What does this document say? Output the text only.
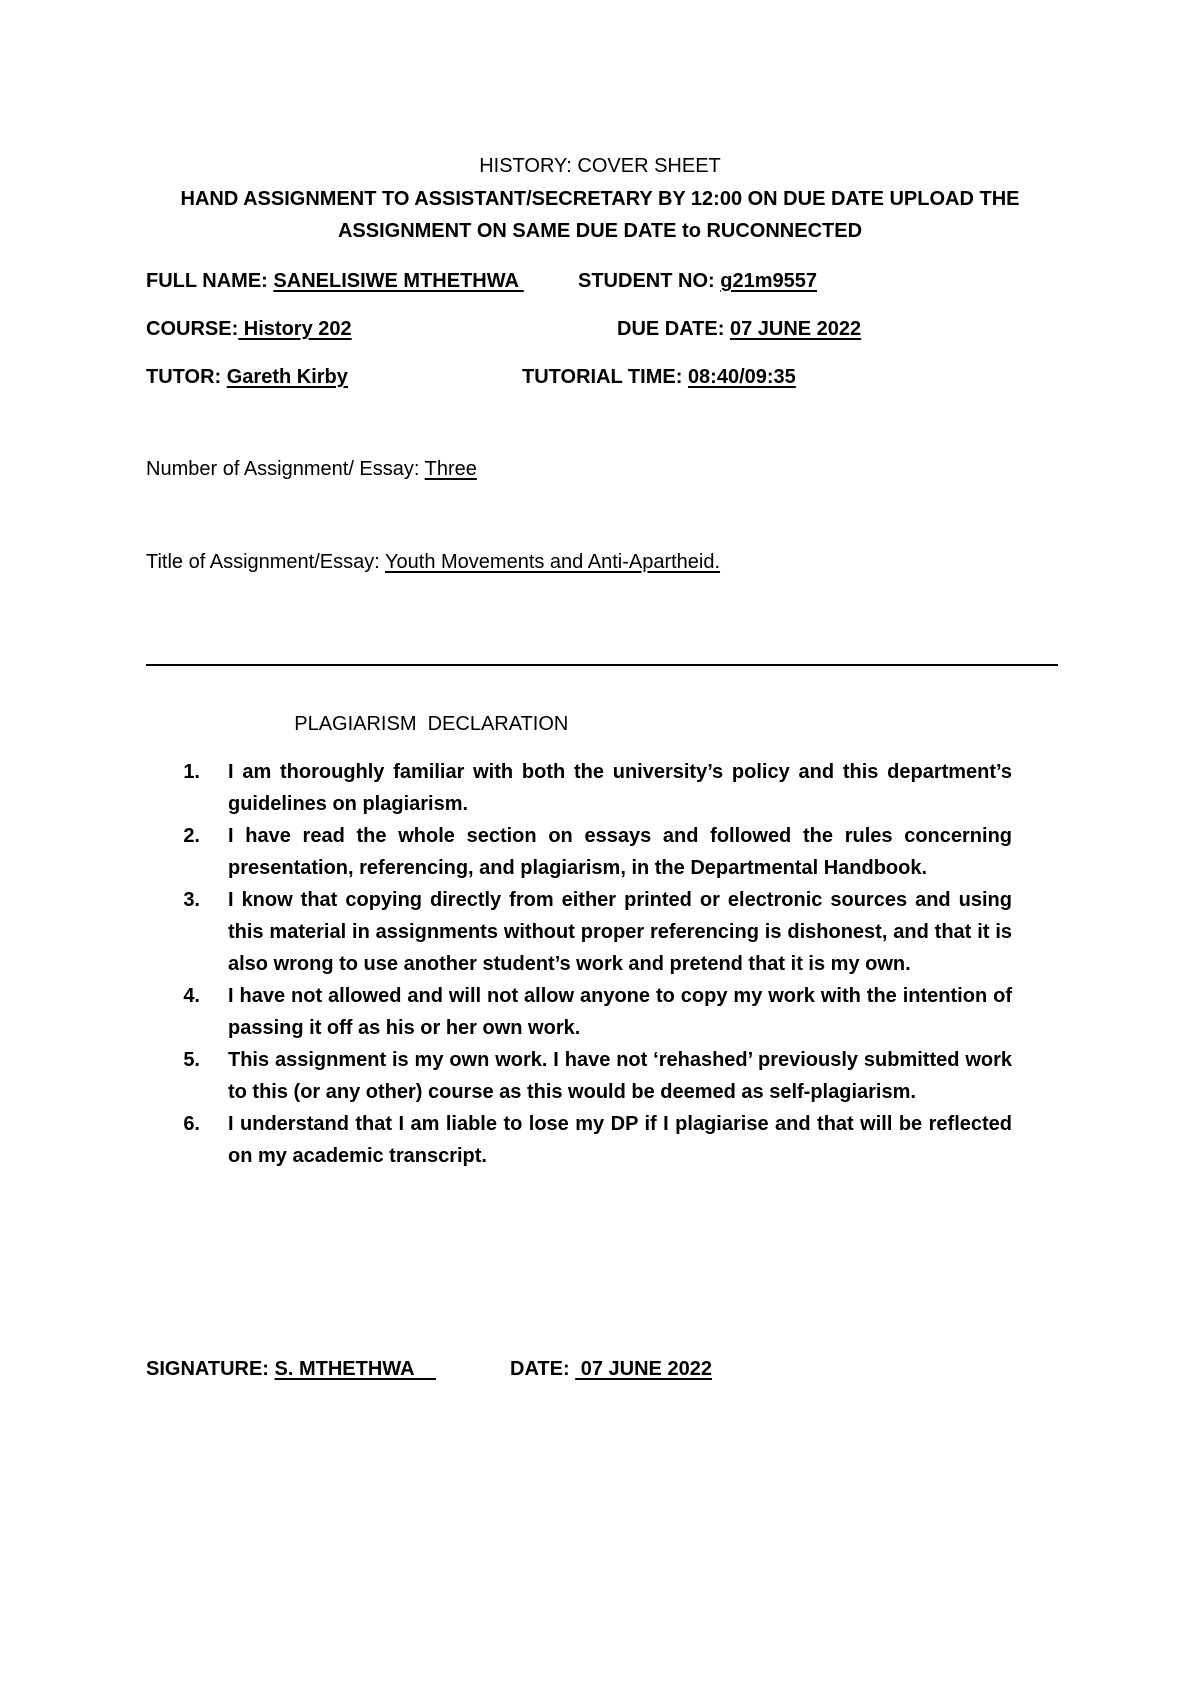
HISTORY: COVER SHEET
HAND ASSIGNMENT TO ASSISTANT/SECRETARY BY 12:00 ON DUE DATE UPLOAD THE
ASSIGNMENT ON SAME DUE DATE to RUCONNECTED
FULL NAME: SANELISIWE MTHETHWA	STUDENT NO: g21m9557
COURSE: History 202	DUE DATE: 07 JUNE 2022
TUTOR: Gareth Kirby	TUTORIAL TIME: 08:40/09:35
Number of Assignment/ Essay: Three
Title of Assignment/Essay: Youth Movements and Anti-Apartheid.

PLAGIARISM  DECLARATION

1. I am thoroughly familiar with both the university’s policy and this department’s guidelines on plagiarism.
2. I have read the whole section on essays and followed the rules concerning presentation, referencing, and plagiarism, in the Departmental Handbook.
3. I know that copying directly from either printed or electronic sources and using this material in assignments without proper referencing is dishonest, and that it is also wrong to use another student’s work and pretend that it is my own.
4. I have not allowed and will not allow anyone to copy my work with the intention of passing it off as his or her own work.
5. This assignment is my own work. I have not ‘rehashed’ previously submitted work to this (or any other) course as this would be deemed as self-plagiarism.
6. I understand that I am liable to lose my DP if I plagiarise and that will be reflected on my academic transcript.
SIGNATURE: S. MTHETHWA	DATE:  07 JUNE 2022
